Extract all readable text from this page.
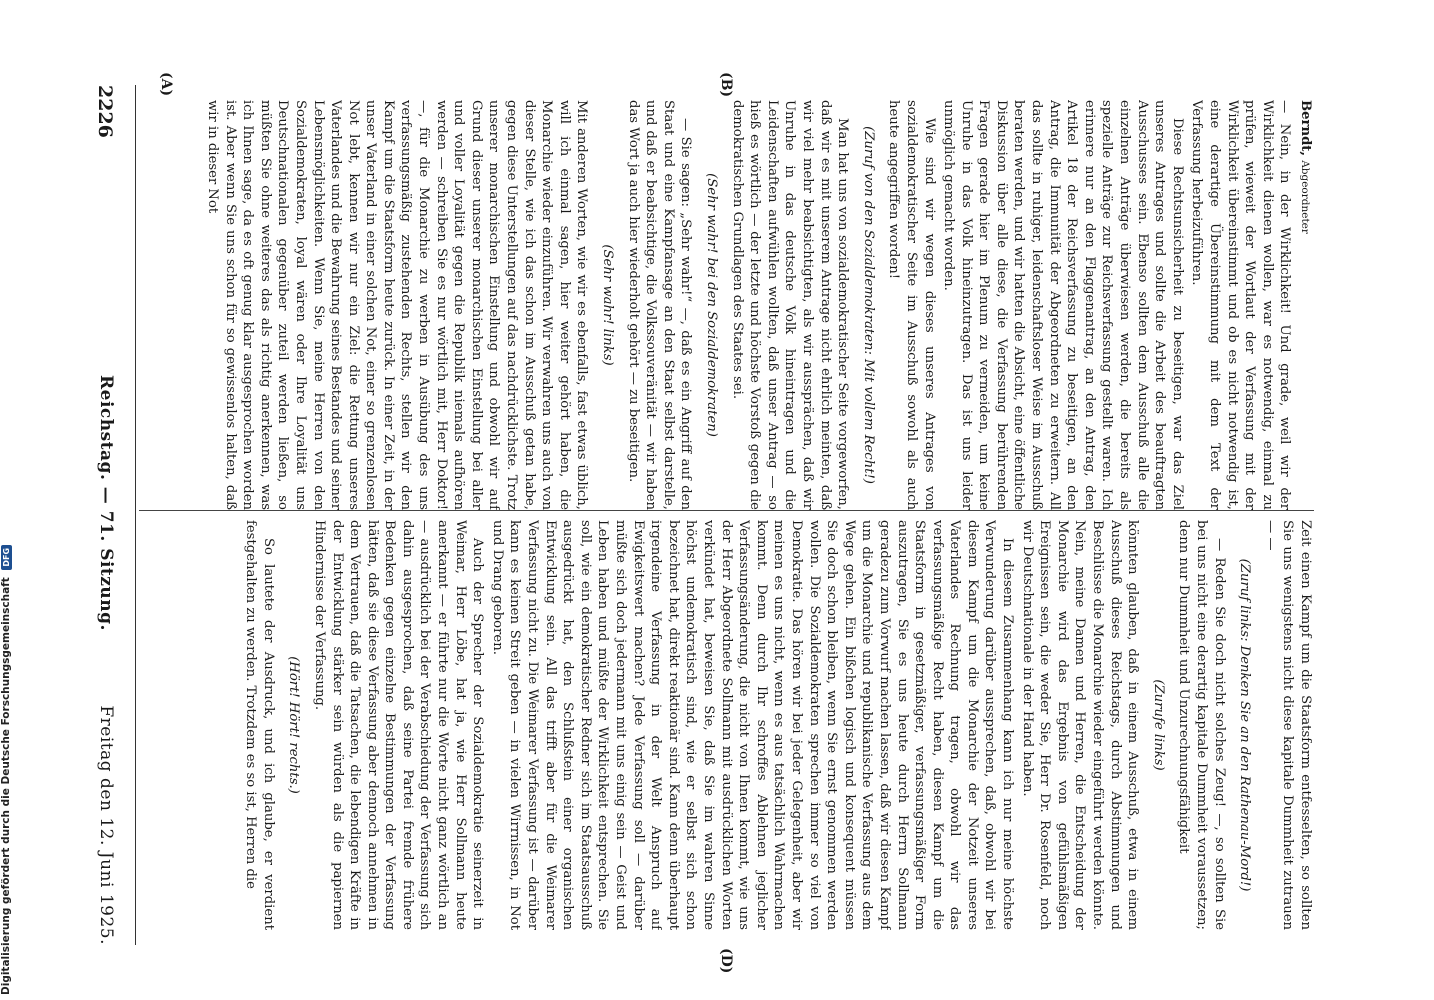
2226
Reichstag. — 71. Sitzung.
Freitag den 12. Juni 1925.
(A)	(B)
(D)

Berndt, Abgeordneter

— Nein, in der Wirklichkeit! Und grade, weil wir der Wirklichkeit dienen wollen, war es notwendig, einmal zu prüfen, wieweit der Wortlaut der Verfassung mit der Wirklichkeit übereinstimmt und ob es nicht notwendig ist, eine derartige Übereinstimmung mit dem Text der Verfassung herbeizuführen.

Diese Rechtsunsicherheit zu beseitigen, war das Ziel unseres Antrages und sollte die Arbeit des beauftragten Ausschusses sein. Ebenso sollten dem Ausschuß alle die einzelnen Anträge überwiesen werden, die bereits als spezielle Anträge zur Reichsverfassung gestellt waren. Ich erinnere nur an den Flaggenantrag, an den Antrag, den Artikel 18 der Reichsverfassung zu beseitigen, an den Antrag, die Immunität der Abgeordneten zu erweitern. All das sollte in ruhiger, leidenschaftsloser Weise im Ausschuß beraten werden, und wir hatten die Absicht, eine öffentliche Diskussion über alle diese, die Verfassung berührenden Fragen gerade hier im Plenum zu vermeiden, um keine Unruhe in das Volk hineinzutragen. Das ist uns leider unmöglich gemacht worden.

Wie sind wir wegen dieses unseres Antrages von sozialdemokratischer Seite im Ausschuß sowohl als auch heute angegriffen worden!

(Zuruf von den Sozialdemokraten: Mit vollem Recht!)

Man hat uns von sozialdemokratischer Seite vorgeworfen, daß wir es mit unserem Antrage nicht ehrlich meinten, daß wir viel mehr beabsichtigten, als wir aussprächen, daß wir Unruhe in das deutsche Volk hineintragen und die Leidenschaften aufwühlen wollten, daß unser Antrag — so hieß es wörtlich — der letzte und höchste Vorstoß gegen die demokratischen Grundlagen des Staates sei.

(Sehr wahr! bei den Sozialdemokraten)

— Sie sagen: „Sehr wahr!“ —, daß es ein Angriff auf den Staat und eine Kampfansage an den Staat selbst darstelle, und daß er beabsichtige, die Volkssouveränität — wir haben das Wort ja auch hier wiederholt gehört — zu beseitigen.

(Sehr wahr! links)

Mit anderen Worten, wie wir es ebenfalls, fast etwas üblich, will ich einmal sagen, hier weiter gehört haben, die Monarchie wieder einzuführen. Wir verwahren uns auch von dieser Stelle, wie ich das schon im Ausschuß getan habe, gegen diese Unterstellungen auf das nachdrücklichste. Trotz unserer monarchischen Einstellung und obwohl wir auf Grund dieser unserer monarchischen Einstellung bei aller und voller Loyalität gegen die Republik niemals aufhören werden — schreiben Sie es nur wörtlich mit, Herr Doktor! —, für die Monarchie zu werben in Ausübung des uns verfassungsmäßig zustehenden Rechts, stellen wir den Kampf um die Staatsform heute zurück. In einer Zeit, in der unser Vaterland in einer solchen Not, einer so grenzenlosen Not lebt, kennen wir nur ein Ziel: die Rettung unseres Vaterlandes und die Bewahrung seines Bestandes und seiner Lebensmöglichkeiten. Wenn Sie, meine Herren von den Sozialdemokraten, loyal wären oder Ihre Loyalität uns Deutschnationalen gegenüber zuteil werden ließen, so müßten Sie ohne weiteres das als richtig anerkennen, was ich Ihnen sage, da es oft genug klar ausgesprochen worden ist. Aber wenn Sie uns schon für so gewissenlos halten, daß wir in dieser Not

Zeit einen Kampf um die Staatsform entfesselten, so sollten Sie uns wenigstens nicht diese kapitale Dummheit zutrauen — —

(Zuruf links: Denken Sie an den Rathenau-Mord!)

— Reden Sie doch nicht solches Zeug! —, so sollten Sie bei uns nicht eine derartig kapitale Dummheit voraussetzen; denn nur Dummheit und Unzurechnungsfähigkeit

(Zurufe links)

könnten glauben, daß in einem Ausschuß, etwa in einem Ausschuß dieses Reichstags, durch Abstimmungen und Beschlüsse die Monarchie wieder eingeführt werden könnte. Nein, meine Damen und Herren, die Entscheidung der Monarchie wird das Ergebnis von gefühlsmäßigen Ereignissen sein, die weder Sie, Herr Dr. Rosenfeld, noch wir Deutschnationale in der Hand haben.

In diesem Zusammenhang kann ich nur meine höchste Verwunderung darüber aussprechen, daß, obwohl wir bei diesem Kampf um die Monarchie der Notzeit unseres Vaterlandes Rechnung tragen, obwohl wir das verfassungsmäßige Recht haben, diesen Kampf um die Staatsform in gesetzmäßiger, verfassungsmäßiger Form auszutragen, Sie es uns heute durch Herrn Sollmann geradezu zum Vorwurf machen lassen, daß wir diesen Kampf um die Monarchie und republikanische Verfassung aus dem Wege gehen. Ein bißchen logisch und konsequent müssen Sie doch schon bleiben, wenn Sie ernst genommen werden wollen. Die Sozialdemokraten sprechen immer so viel von Demokratie. Das hören wir bei jeder Gelegenheit, aber wir meinen es uns nicht, wenn es aus tatsächlich Wahrmachen kommt. Denn durch Ihr schroffes Ablehnen jeglicher Verfassungsänderung, die nicht von Ihnen kommt, wie uns der Herr Abgeordnete Sollmann mit ausdrücklichen Worten verkündet hat, beweisen Sie, daß Sie im wahren Sinne höchst undemokratisch sind, wie er selbst sich schon bezeichnet hat, direkt reaktionär sind. Kann denn überhaupt irgendeine Verfassung in der Welt Anspruch auf Ewigkeitswert machen? Jede Verfassung soll — darüber müßte sich doch jedermann mit uns einig sein — Geist und Leben haben und müßte der Wirklichkeit entsprechen. Sie soll, wie ein demokratischer Redner sich im Staatsausschuß ausgedrückt hat, den Schlußstein einer organischen Entwicklung sein. All das trifft aber für die Weimarer Verfassung nicht zu. Die Weimarer Verfassung ist — darüber kann es keinen Streit geben — in vielen Wirrnissen, in Not und Drang geboren.

Auch der Sprecher der Sozialdemokratie seinerzeit in Weimar, Herr Löbe, hat ja, wie Herr Sollmann heute anerkannt — er führte nur die Worte nicht ganz wörtlich an — ausdrücklich bei der Verabschiedung der Verfassung sich dahin ausgesprochen, daß seine Partei fremde frühere Bedenken gegen einzelne Bestimmungen der Verfassung hätten, daß sie diese Verfassung aber dennoch annehmen in dem Vertrauen, daß die Tatsachen, die lebendigen Kräfte in der Entwicklung stärker sein würden als die papiernen Hindernisse der Verfassung.

(Hört! Hört! rechts.)

So lautete der Ausdruck, und ich glaube, er verdient festgehalten zu werden. Trotzdem es so ist, Herren die

Digitalisierung gefördert durch die Deutsche Forschungsgemeinschaft DFG
